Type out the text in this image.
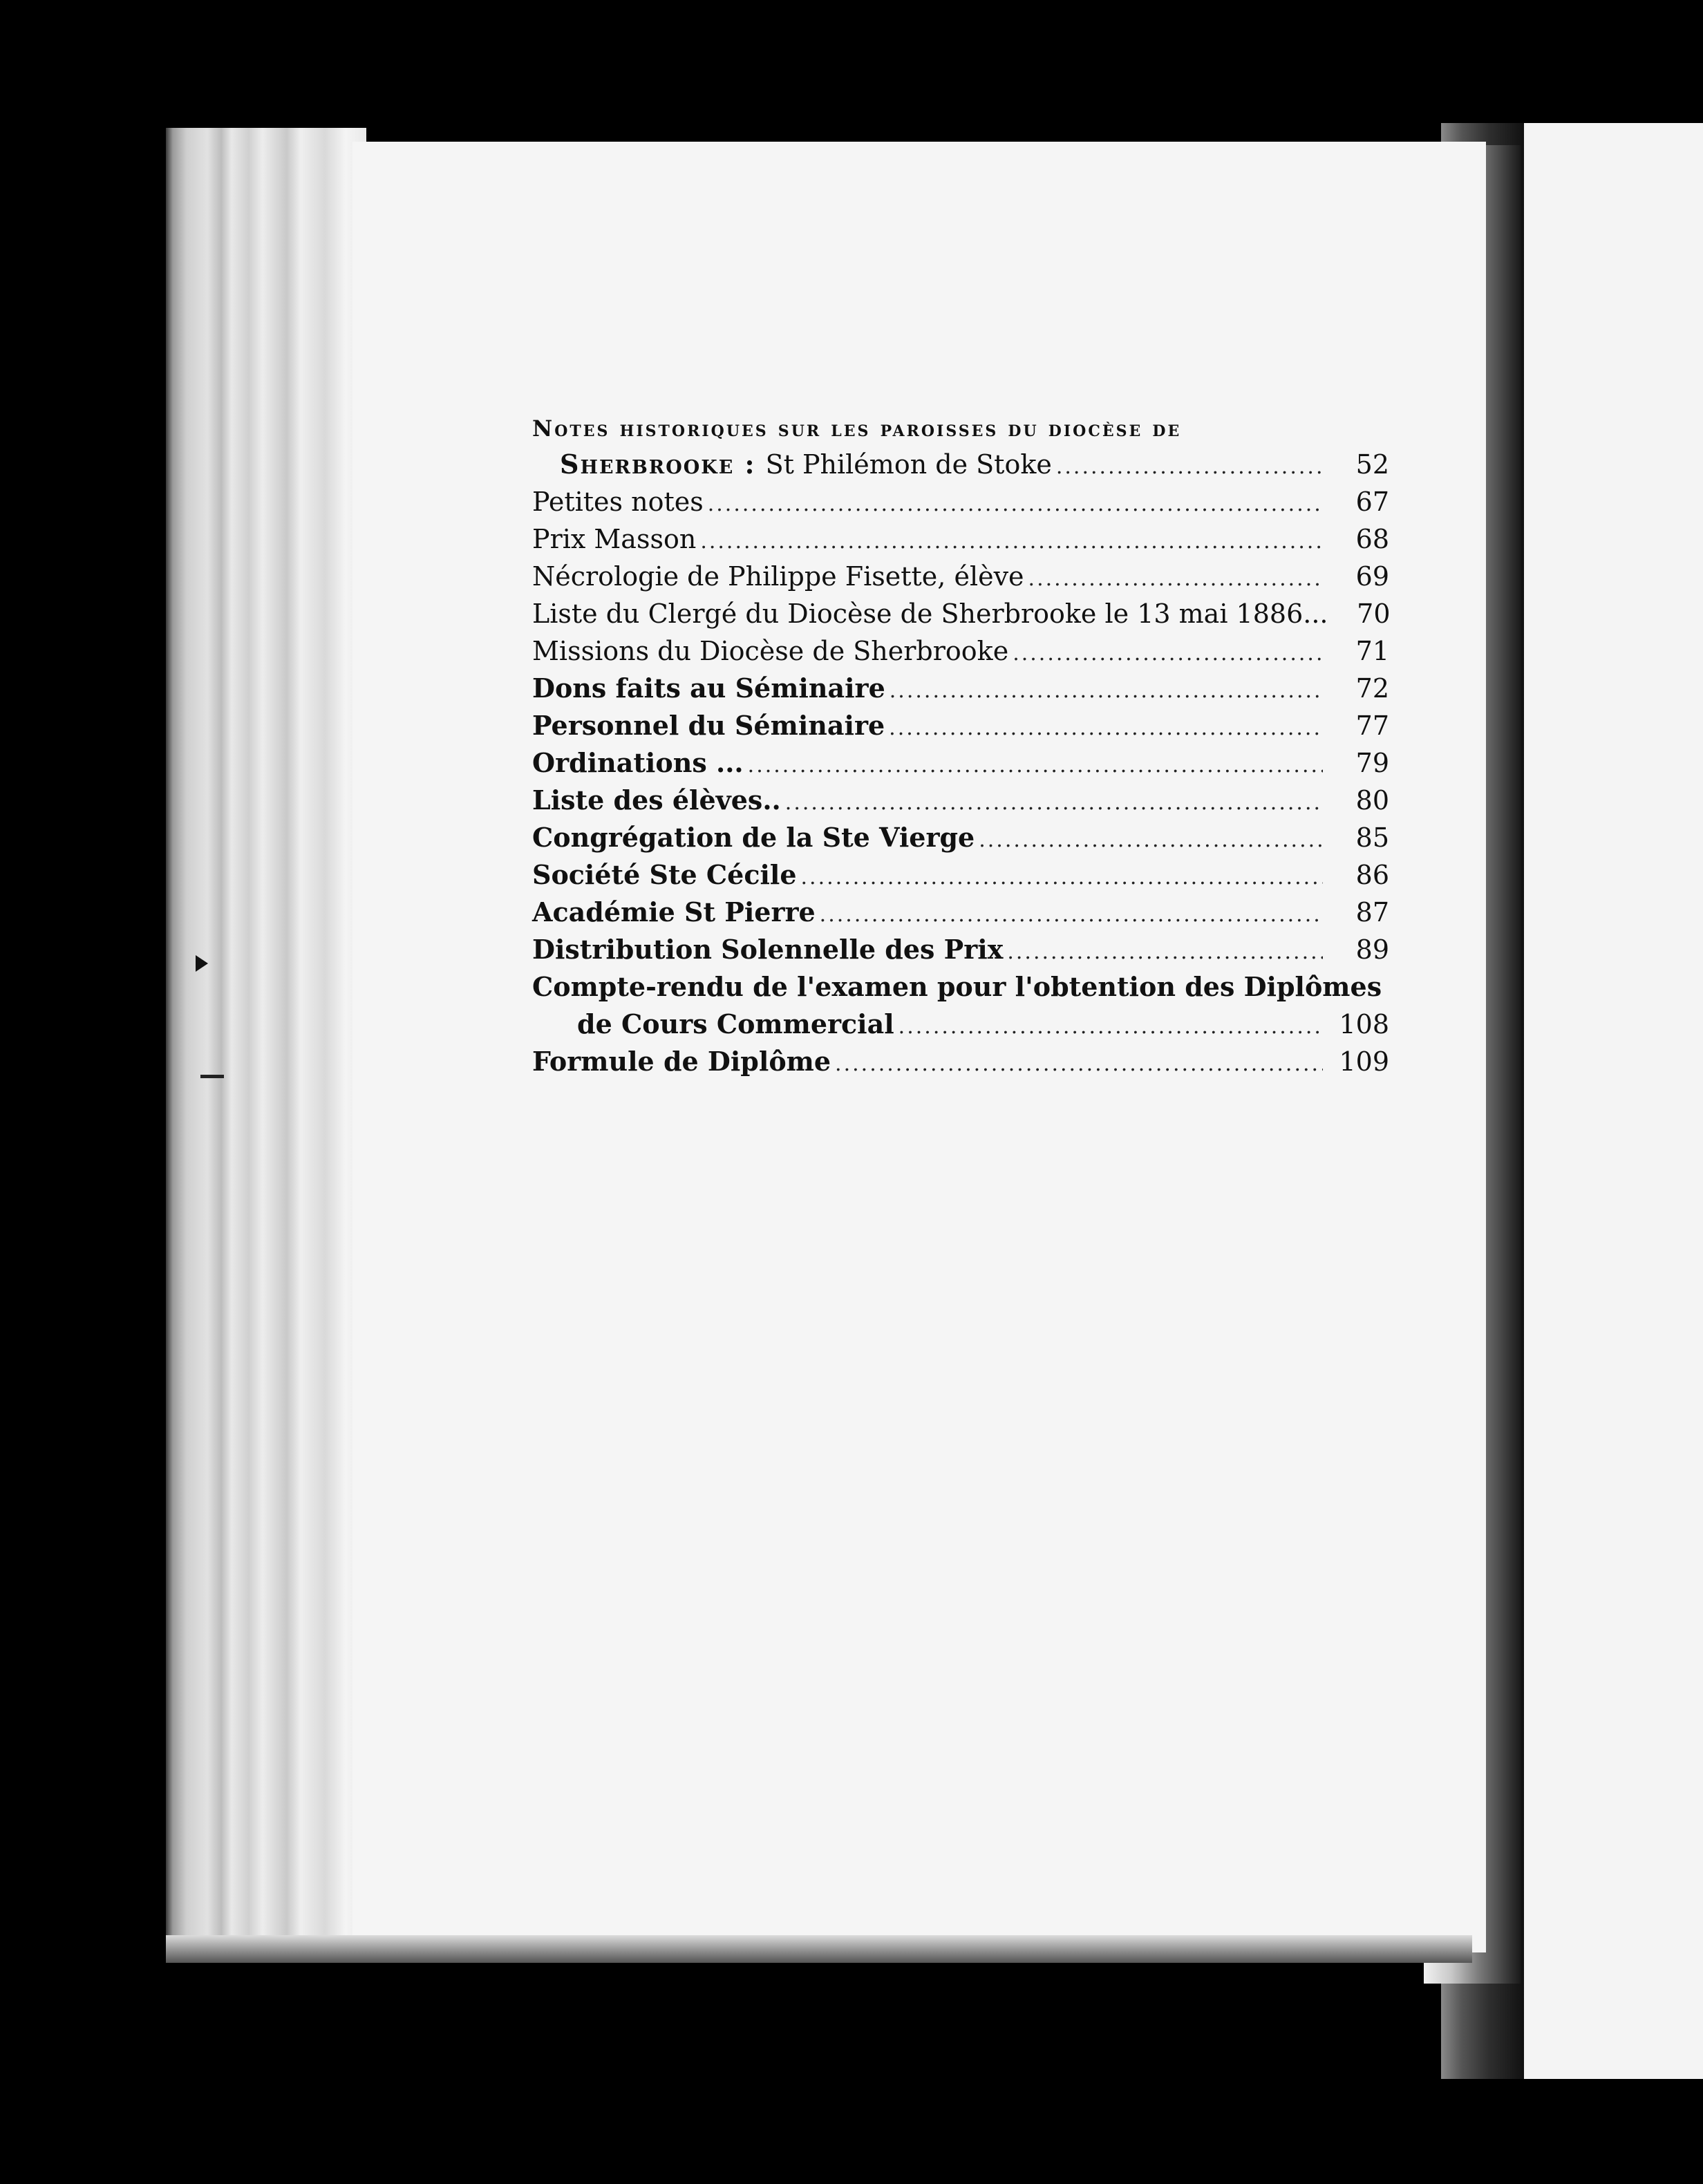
Notes historiques sur les paroisses du diocèse de
Sherbrooke : St Philémon de Stoke .....	52
Petites notes .....	67
Prix Masson .....	68
Nécrologie de Philippe Fisette, élève .....	69
Liste du Clergé du Diocèse de Sherbrooke le 13 mai 1886...	70
Missions du Diocèse de Sherbrooke .....	71
Dons faits au Séminaire .....	72
Personnel du Séminaire .....	77
Ordinations ... .....	79
Liste des élèves.. .....	80
Congrégation de la Ste Vierge .....	85
Société Ste Cécile .....	86
Académie St Pierre .....	87
Distribution Solennelle des Prix .....	89
Compte-rendu de l'examen pour l'obtention des Diplômes
de Cours Commercial .....	108
Formule de Diplôme .....	109
